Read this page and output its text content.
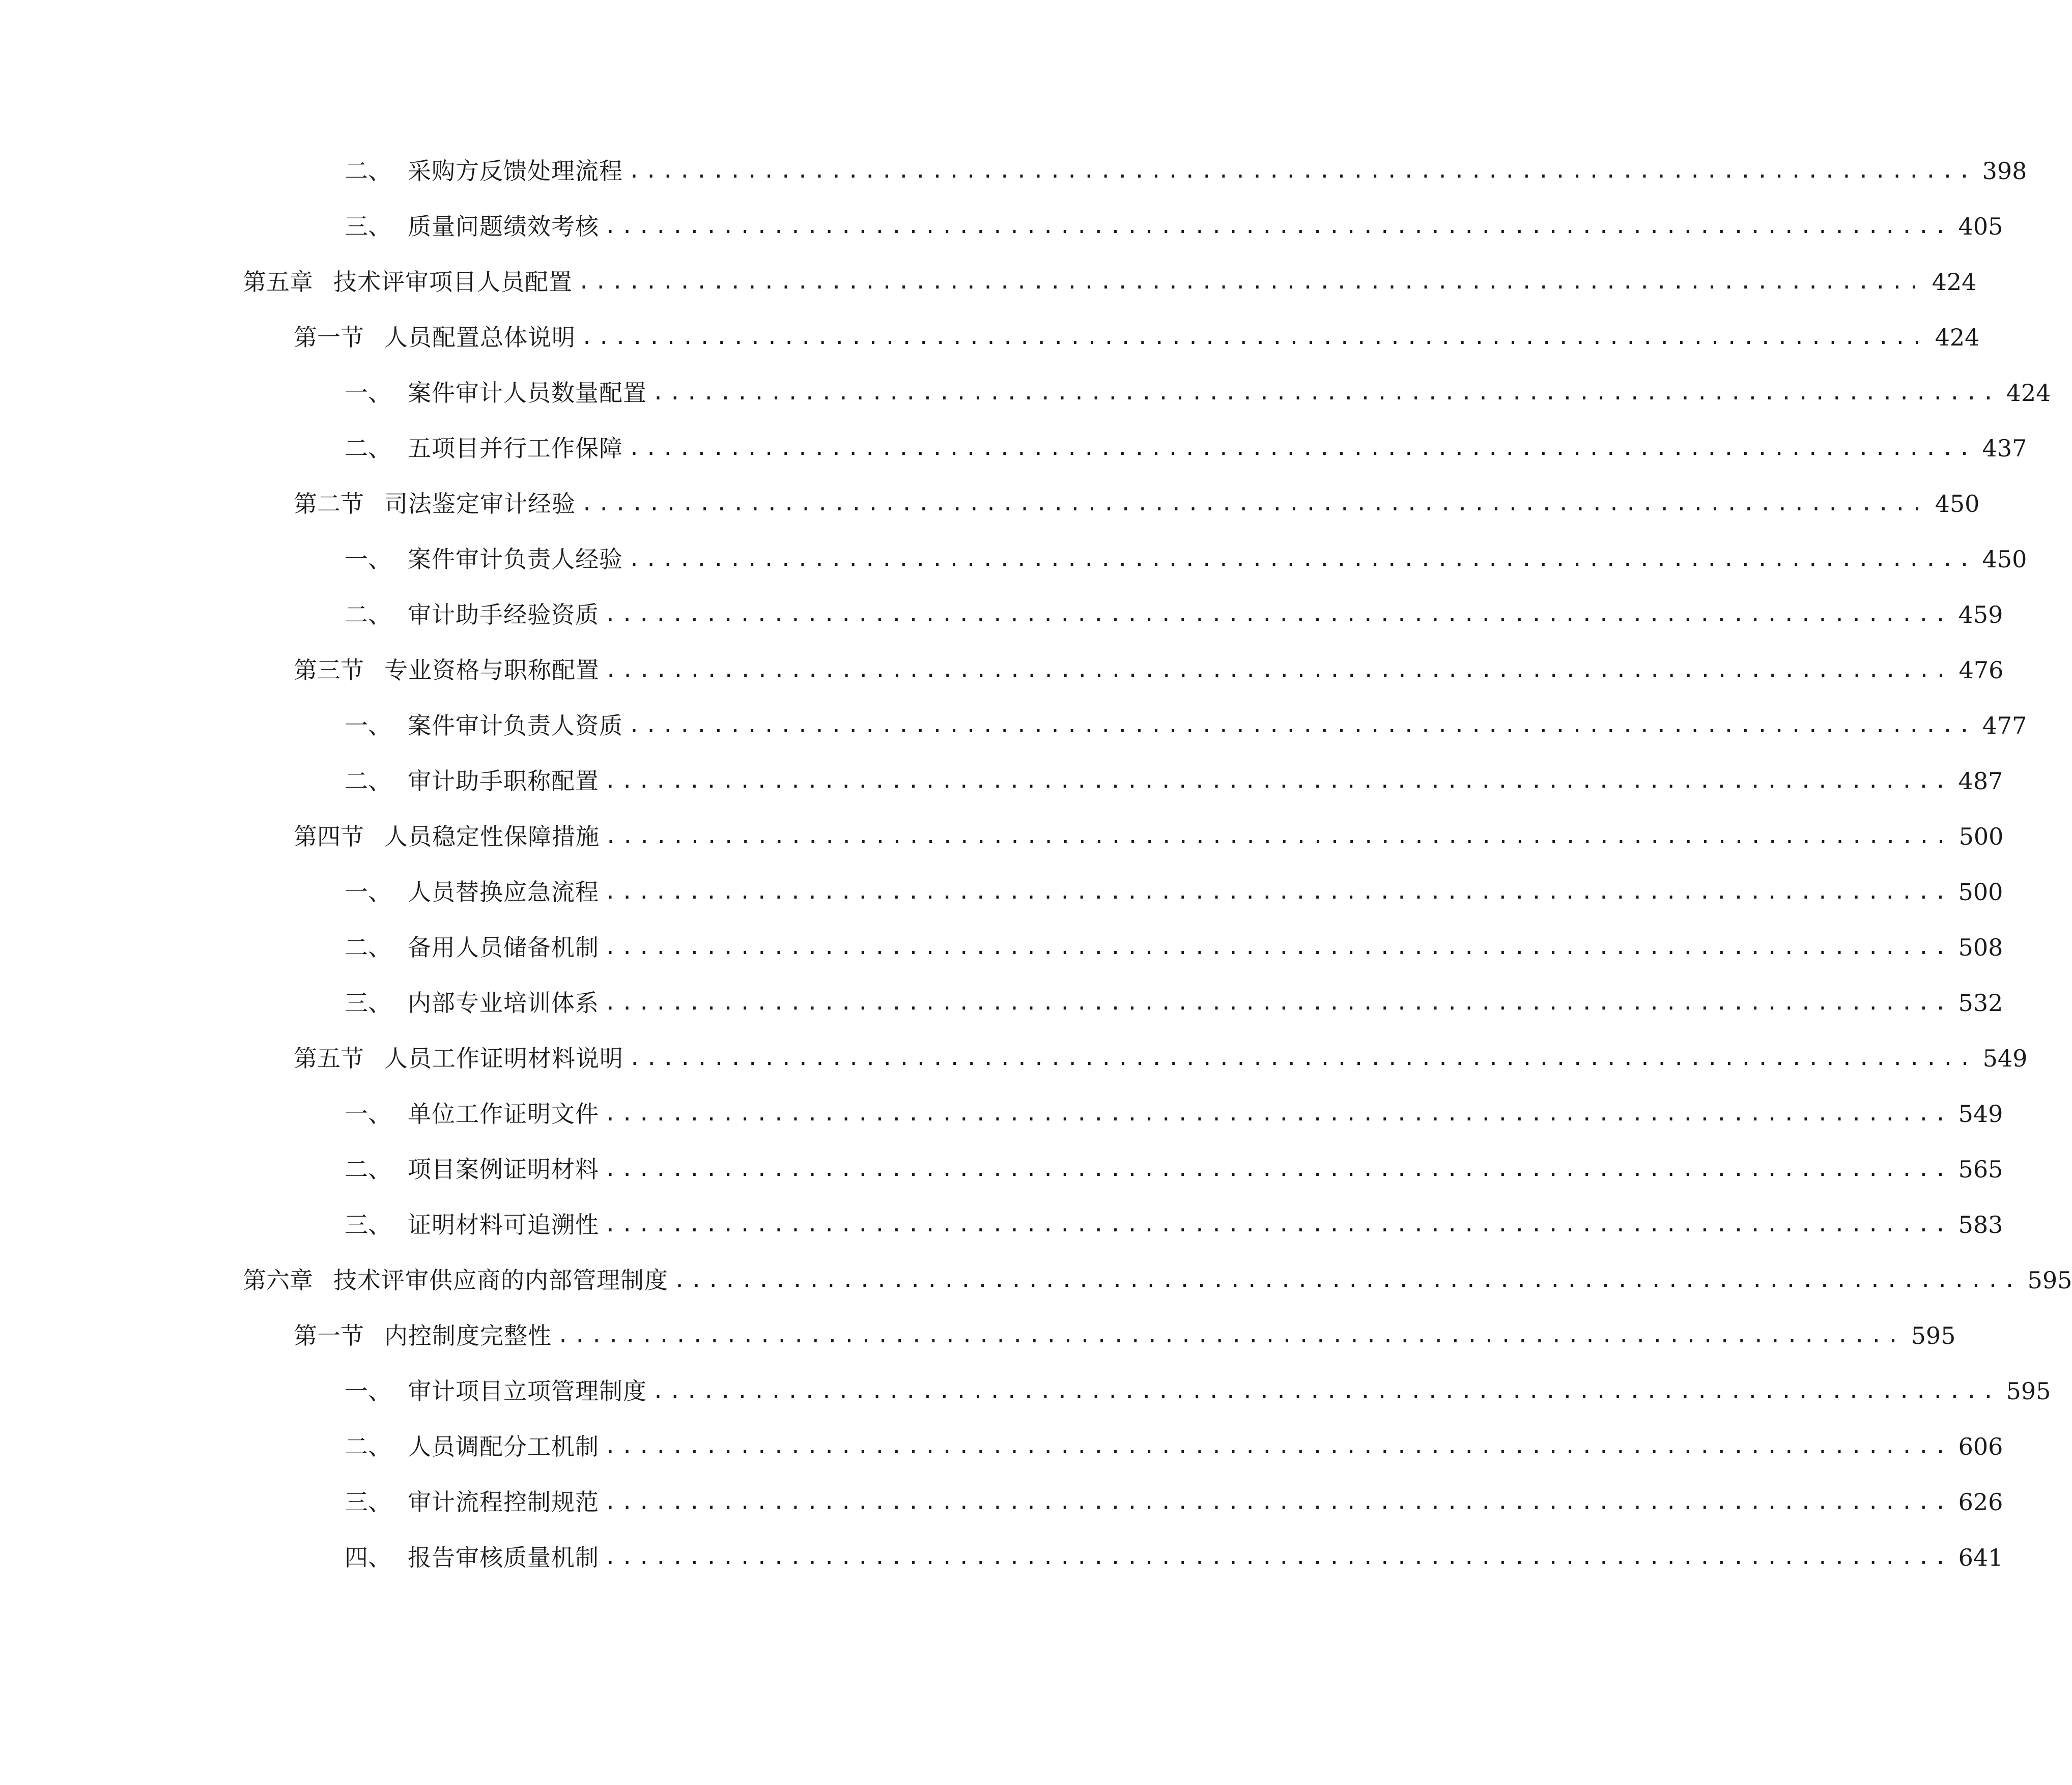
二、 采购方反馈处理流程 ................................................................................ 398
三、 质量问题绩效考核 ................................................................................ 405
第五章 技术评审项目人员配置 ................................................................................ 424
第一节 人员配置总体说明 ................................................................................ 424
一、 案件审计人员数量配置 ................................................................................ 424
二、 五项目并行工作保障 ................................................................................ 437
第二节 司法鉴定审计经验 ................................................................................ 450
一、 案件审计负责人经验 ................................................................................ 450
二、 审计助手经验资质 ................................................................................ 459
第三节 专业资格与职称配置 ................................................................................ 476
一、 案件审计负责人资质 ................................................................................ 477
二、 审计助手职称配置 ................................................................................ 487
第四节 人员稳定性保障措施 ................................................................................ 500
一、 人员替换应急流程 ................................................................................ 500
二、 备用人员储备机制 ................................................................................ 508
三、 内部专业培训体系 ................................................................................ 532
第五节 人员工作证明材料说明 ................................................................................ 549
一、 单位工作证明文件 ................................................................................ 549
二、 项目案例证明材料 ................................................................................ 565
三、 证明材料可追溯性 ................................................................................ 583
第六章 技术评审供应商的内部管理制度 ................................................................................ 595
第一节 内控制度完整性 ................................................................................ 595
一、 审计项目立项管理制度 ................................................................................ 595
二、 人员调配分工机制 ................................................................................ 606
三、 审计流程控制规范 ................................................................................ 626
四、 报告审核质量机制 ................................................................................ 641
